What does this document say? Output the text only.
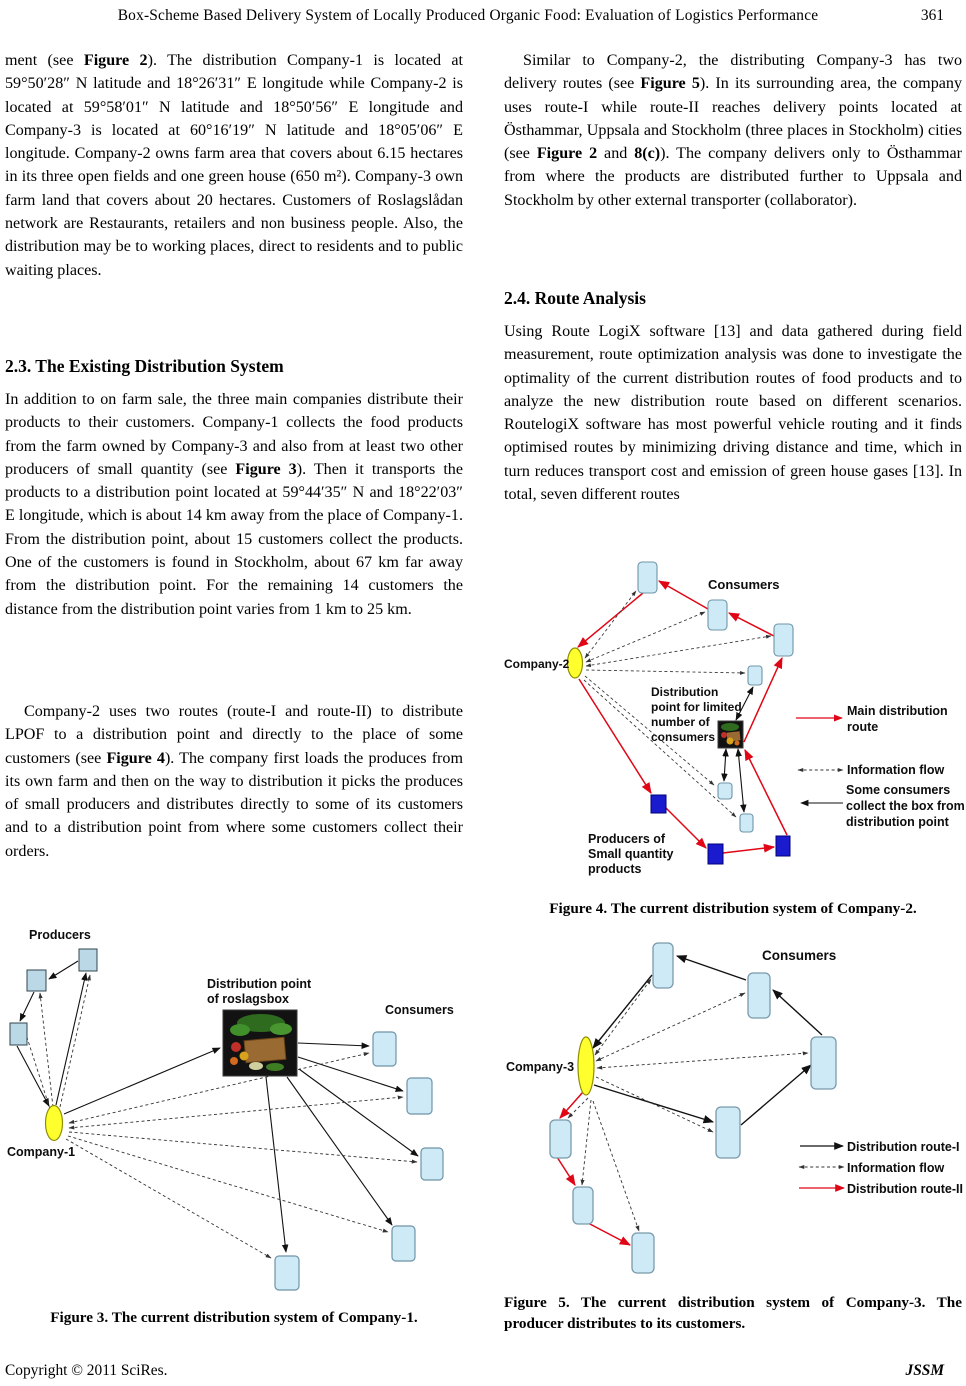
Box-Scheme Based Delivery System of Locally Produced Organic Food: Evaluation of Logistics Performance	361

ment (see Figure 2). The distribution Company-1 is located at 59°50′28″ N latitude and 18°26′31″ E longitude while Company-2 is located at 59°58′01″ N latitude and 18°50′56″ E longitude and Company-3 is located at 60°16′19″ N latitude and 18°05′06″ E longitude. Company-2 owns farm area that covers about 6.15 hectares in its three open fields and one green house (650 m²). Company-3 own farm land that covers about 20 hectares. Customers of Roslagslådan network are Restaurants, retailers and non business people. Also, the distribution may be to working places, direct to residents and to public waiting places.

2.3. The Existing Distribution System

In addition to on farm sale, the three main companies distribute their products to their customers. Company-1 collects the food products from the farm owned by Company-3 and also from at least two other producers of small quantity (see Figure 3). Then it transports the products to a distribution point located at 59°44′35″ N and 18°22′03″ E longitude, which is about 14 km away from the place of Company-1. From the distribution point, about 15 customers collect the products. One of the customers is found in Stockholm, about 67 km far away from the distribution point. For the remaining 14 customers the distance from the distribution point varies from 1 km to 25 km.

Company-2 uses two routes (route-I and route-II) to distribute LPOF to a distribution point and directly to the place of some customers (see Figure 4). The company first loads the produces from its own farm and then on the way to distribution it picks the produces of small producers and distributes directly to some of its customers and to a distribution point from where some customers collect their orders.

Producers
Distribution point
of roslagsbox
Consumers
Company-1
Figure 3. The current distribution system of Company-1.

Similar to Company-2, the distributing Company-3 has two delivery routes (see Figure 5). In its surrounding area, the company uses route-I while route-II reaches delivery points located at Östhammar, Uppsala and Stockholm (three places in Stockholm) cities (see Figure 2 and 8(c)). The company delivers only to Östhammar from where the products are distributed further to Uppsala and Stockholm by other external transporter (collaborator).

2.4. Route Analysis

Using Route LogiX software [13] and data gathered during field measurement, route optimization analysis was done to investigate the optimality of the current distribution routes of food products and to analyze the new distribution route based on different scenarios. RoutelogiX software has most powerful vehicle routing and it finds optimised routes by minimizing driving distance and time, which in turn reduces transport cost and emission of green house gases [13]. In total, seven different routes

Main distribution
route
Information flow
Some consumers
collect the box from
distribution point
Company-2
Consumers
Distribution
point for limited
number of
consumers
Producers of
Small quantity
products
Figure 4. The current distribution system of Company-2.
Distribution route-I
Information flow
Distribution route-II
Company-3
Consumers
Figure 5. The current distribution system of Company-3. The producer distributes to its customers.
Copyright © 2011 SciRes.	JSSM
